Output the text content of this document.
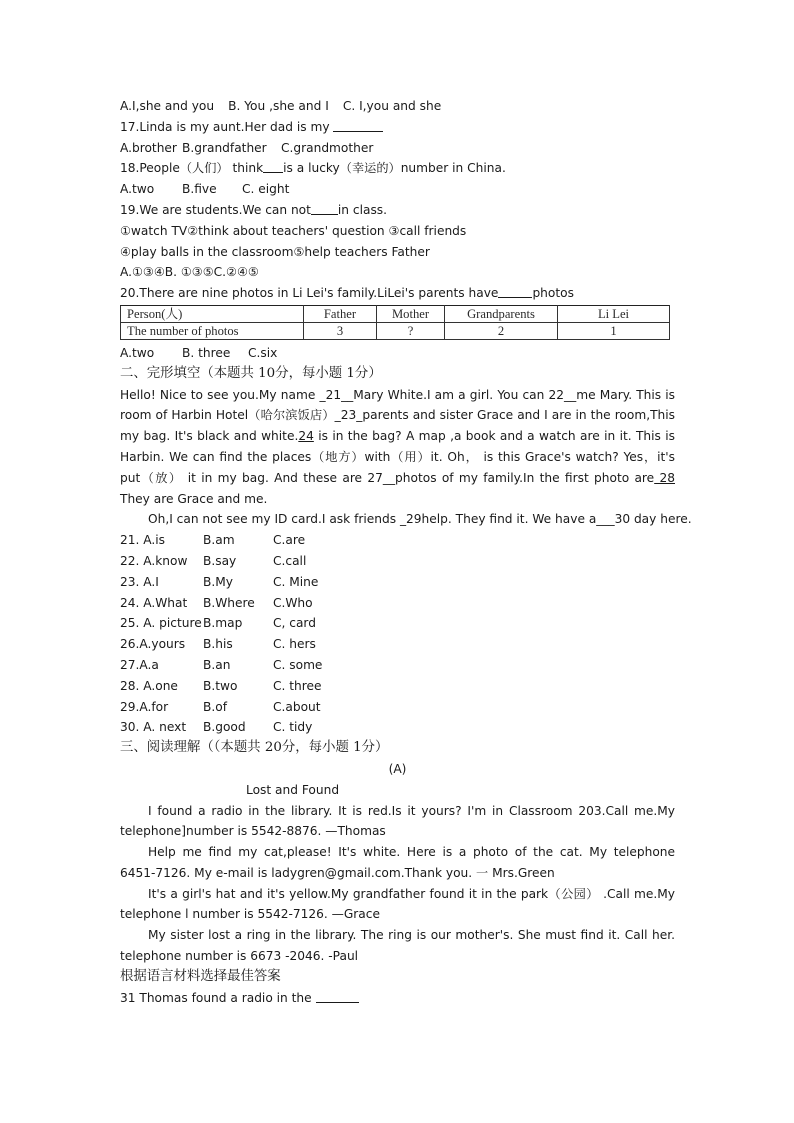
A.I,she and you B. You ,she and I C. I,you and she
17.Linda is my aunt.Her dad is my
A.brother B.grandfather C.grandmother
18.People（人们） think is a lucky（幸运的）number in China.
A.two B.five C. eight
19.We are students.We can not in class.
①watch TV②think about teachers' question ③call friends
④play balls in the classroom⑤help teachers Father
A.①③④B. ①③⑤C.②④⑤
20.There are nine photos in Li Lei's family.LiLei's parents have	photos
Person(人)	Father	Mother	Grandparents	Li Lei
The number of photos	3	?	2	1
A.two B. three C.six
二、完形填空（本题共 10分，每小题 1分）
Hello! Nice to see you.My name _21__Mary White.I am a girl. You can 22__me Mary. This is
room of Harbin Hotel（哈尔滨饭店）_23_parents and sister Grace and I are in the room,This
my bag. It's black and white.24 is in the bag? A map ,a book and a watch are in it. This is
Harbin. We can find the places（地方）with（用）it. Oh， is this Grace's watch? Yes，it's
put（放） it in my bag. And these are 27__photos of my family.In the first photo are 28
They are Grace and me.
Oh,I can not see my ID card.I ask friends _29help. They find it. We have a___30 day here.
21. A.is	B.am	C.are
22. A.know B.say	C.call
23. A.I	B.My	C. Mine
24. A.What B.Where C.Who
25. A. pictureB.map	C, card
26.A.yours B.his	C. hers
27.A.a	B.an	C. some
28. A.one B.two	C. three
29.A.for	B.of	C.about
30. A. next B.good C. tidy
三、阅读理解（（本题共 20分，每小题 1分）
(A)
Lost and Found
I found a radio in the library. It is red.Is it yours? I'm in Classroom 203.Call me.My
telephone]number is 5542-8876. —Thomas
Help me find my cat,please! It's white. Here is a photo of the cat. My telephone
6451-7126. My e-mail is ladygren@gmail.com.Thank you. 一 Mrs.Green
It's a girl's hat and it's yellow.My grandfather found it in the park（公园） .Call me.My
telephone l number is 5542-7126. —Grace
My sister lost a ring in the library. The ring is our mother's. She must find it. Call her.
telephone number is 6673 -2046. -Paul
根据语言材料选择最佳答案
31 Thomas found a radio in the
